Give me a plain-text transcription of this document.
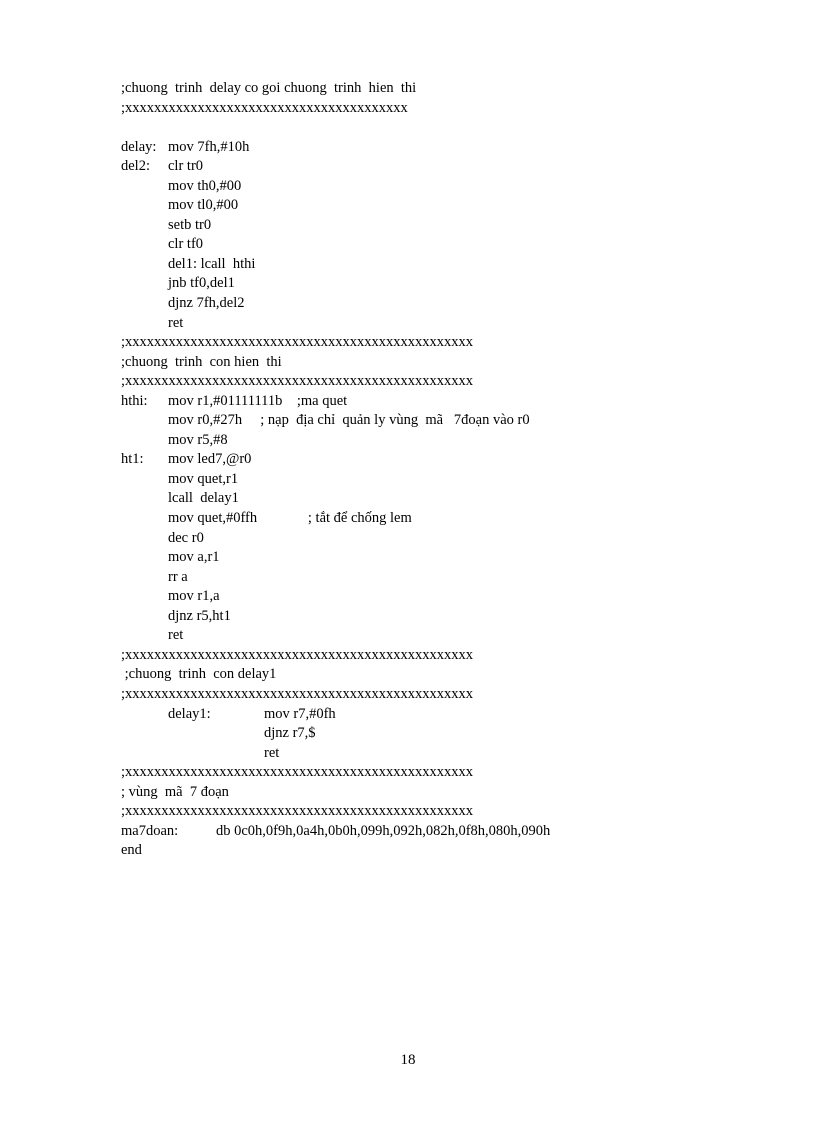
;chuong  trinh  delay co goi chuong  trinh  hien  thi
;xxxxxxxxxxxxxxxxxxxxxxxxxxxxxxxxxxxxxxx
delay: mov 7fh,#10h
del2: clr tr0
mov th0,#00
mov tl0,#00
setb tr0
clr tf0
del1: lcall  hthi
jnb tf0,del1
djnz 7fh,del2
ret
;xxxxxxxxxxxxxxxxxxxxxxxxxxxxxxxxxxxxxxxxxxxxxxxx
;chuong  trinh  con hien  thi
;xxxxxxxxxxxxxxxxxxxxxxxxxxxxxxxxxxxxxxxxxxxxxxxx
hthi: mov r1,#01111111b    ;ma quet
mov r0,#27h     ; nạp  địa chỉ  quản ly vùng  mã   7đoạn vào r0
mov r5,#8
ht1: mov led7,@r0
mov quet,r1
lcall  delay1
mov quet,#0ffh              ; tắt để chống lem
dec r0
mov a,r1
rr a
mov r1,a
djnz r5,ht1
ret
;xxxxxxxxxxxxxxxxxxxxxxxxxxxxxxxxxxxxxxxxxxxxxxxx
;chuong  trinh  con delay1
;xxxxxxxxxxxxxxxxxxxxxxxxxxxxxxxxxxxxxxxxxxxxxxxx
delay1:	mov r7,#0fh
djnz r7,$
ret
;xxxxxxxxxxxxxxxxxxxxxxxxxxxxxxxxxxxxxxxxxxxxxxxx
; vùng  mã  7 đoạn
;xxxxxxxxxxxxxxxxxxxxxxxxxxxxxxxxxxxxxxxxxxxxxxxx
ma7doan:	db 0c0h,0f9h,0a4h,0b0h,099h,092h,082h,0f8h,080h,090h
end
18
